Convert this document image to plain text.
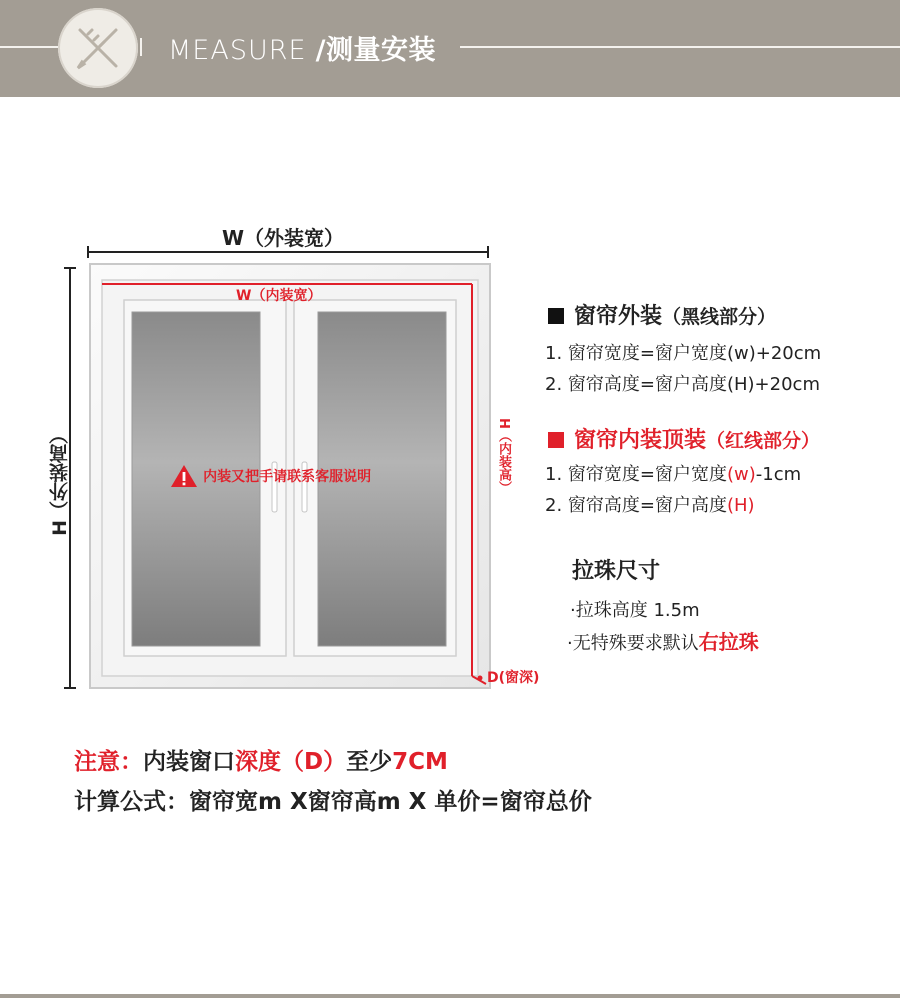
MEASURE /测量安装
W（外装宽）
H（外装高）
W（内装宽）
H（内装高）
D(窗深)
内装又把手请联系客服说明
窗帘外装（黑线部分）
1. 窗帘宽度=窗户宽度(w)+20cm
2. 窗帘高度=窗户高度(H)+20cm
窗帘内装顶装（红线部分）
1. 窗帘宽度=窗户宽度(w)-1cm
2. 窗帘高度=窗户高度(H)
拉珠尺寸
·拉珠高度 1.5m
·无特殊要求默认右拉珠
注意：内装窗口深度（D）至少7CM
计算公式：窗帘宽m X窗帘高m X 单价=窗帘总价
